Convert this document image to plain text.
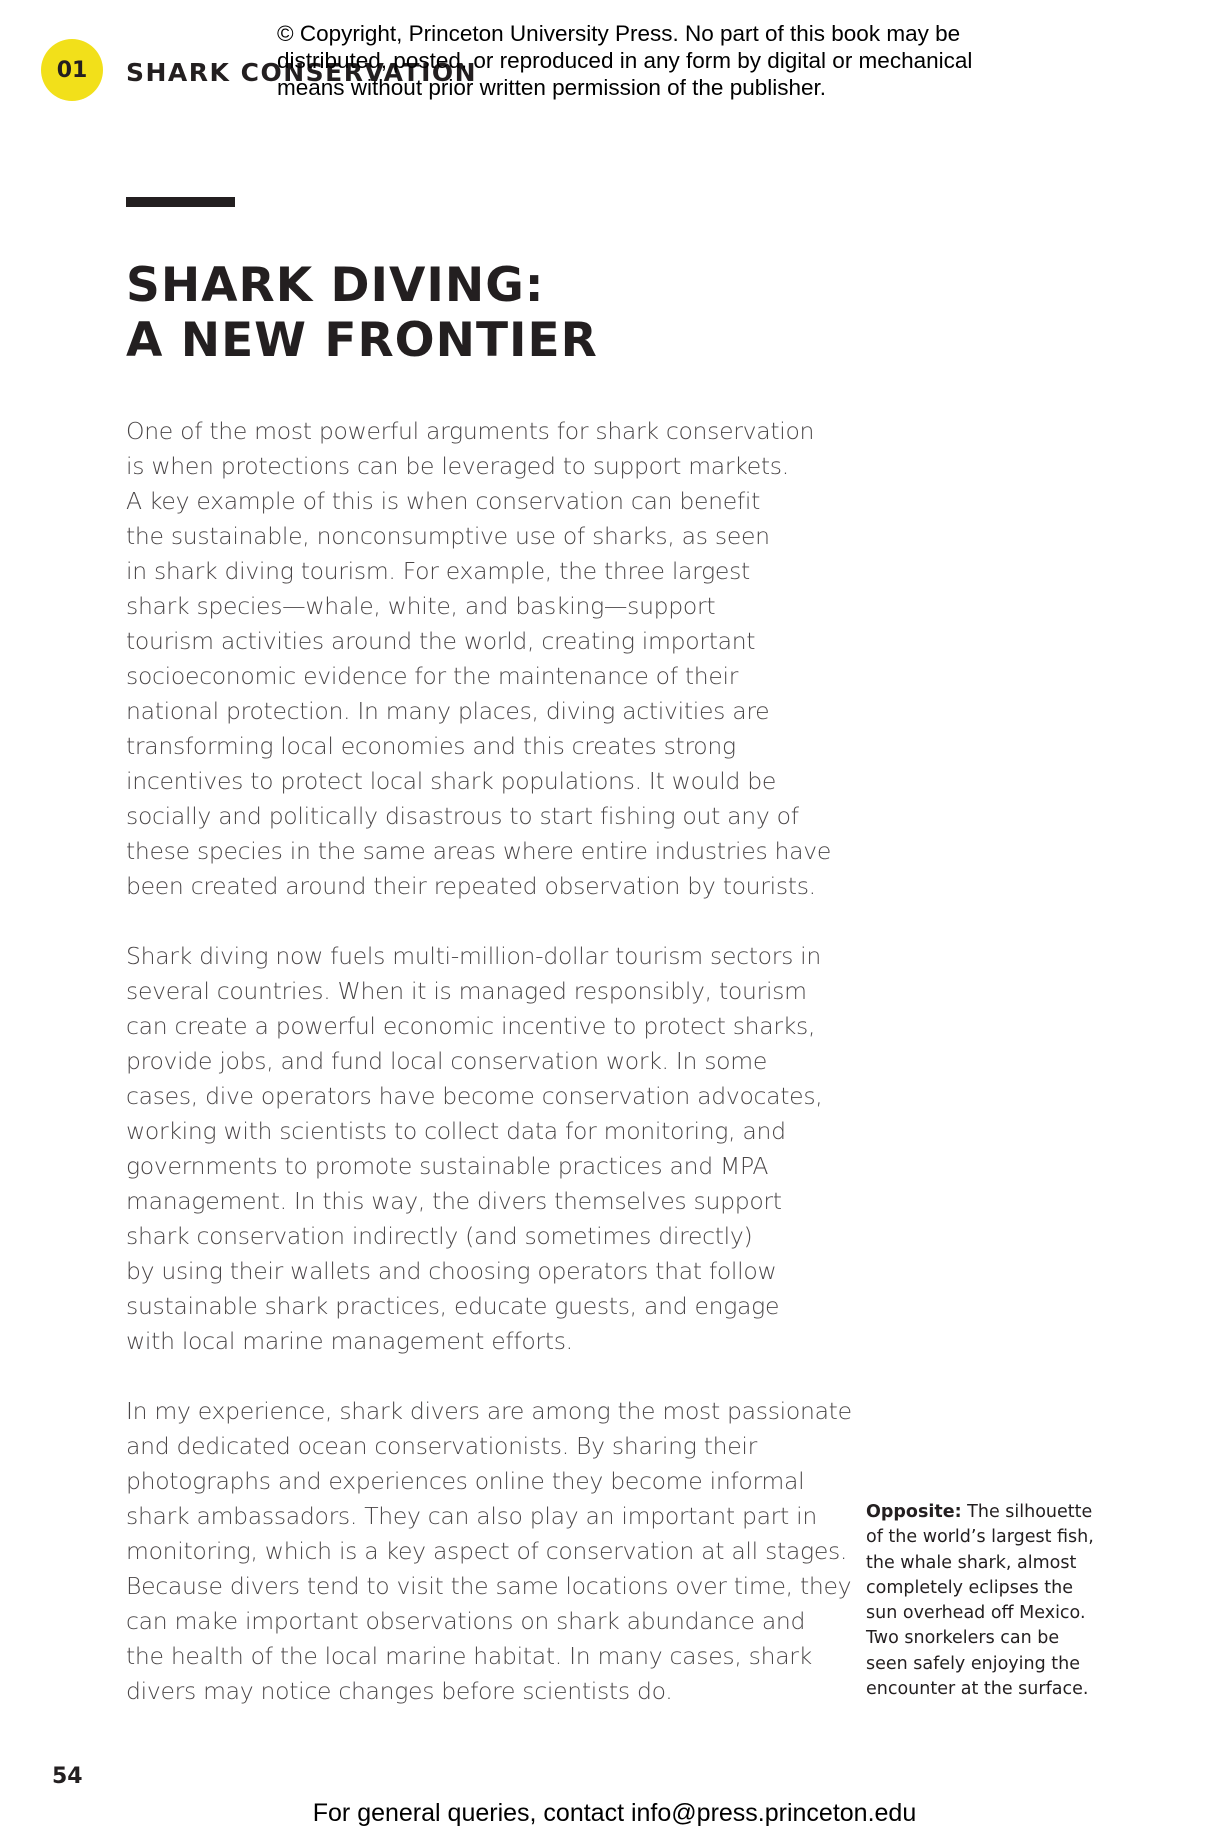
01	SHARK CONSERVATION
© Copyright, Princeton University Press. No part of this book may be
distributed, posted, or reproduced in any form by digital or mechanical
means without prior written permission of the publisher.
SHARK DIVING:
A NEW FRONTIER

One of the most powerful arguments for shark conservation
is when protections can be leveraged to support markets.
A key example of this is when conservation can benefit
the sustainable, nonconsumptive use of sharks, as seen
in shark diving tourism. For example, the three largest
shark species—whale, white, and basking—support
tourism activities around the world, creating important
socioeconomic evidence for the maintenance of their
national protection. In many places, diving activities are
transforming local economies and this creates strong
incentives to protect local shark populations. It would be
socially and politically disastrous to start fishing out any of
these species in the same areas where entire industries have
been created around their repeated observation by tourists.

Shark diving now fuels multi-million-dollar tourism sectors in
several countries. When it is managed responsibly, tourism
can create a powerful economic incentive to protect sharks,
provide jobs, and fund local conservation work. In some
cases, dive operators have become conservation advocates,
working with scientists to collect data for monitoring, and
governments to promote sustainable practices and MPA
management. In this way, the divers themselves support
shark conservation indirectly (and sometimes directly)
by using their wallets and choosing operators that follow
sustainable shark practices, educate guests, and engage
with local marine management efforts.

In my experience, shark divers are among the most passionate
and dedicated ocean conservationists. By sharing their
photographs and experiences online they become informal
shark ambassadors. They can also play an important part in
monitoring, which is a key aspect of conservation at all stages.
Because divers tend to visit the same locations over time, they
can make important observations on shark abundance and
the health of the local marine habitat. In many cases, shark
divers may notice changes before scientists do.

Opposite: The silhouette
of the world’s largest fish,
the whale shark, almost
completely eclipses the
sun overhead off Mexico.
Two snorkelers can be
seen safely enjoying the
encounter at the surface.
54
For general queries, contact info@press.princeton.edu
